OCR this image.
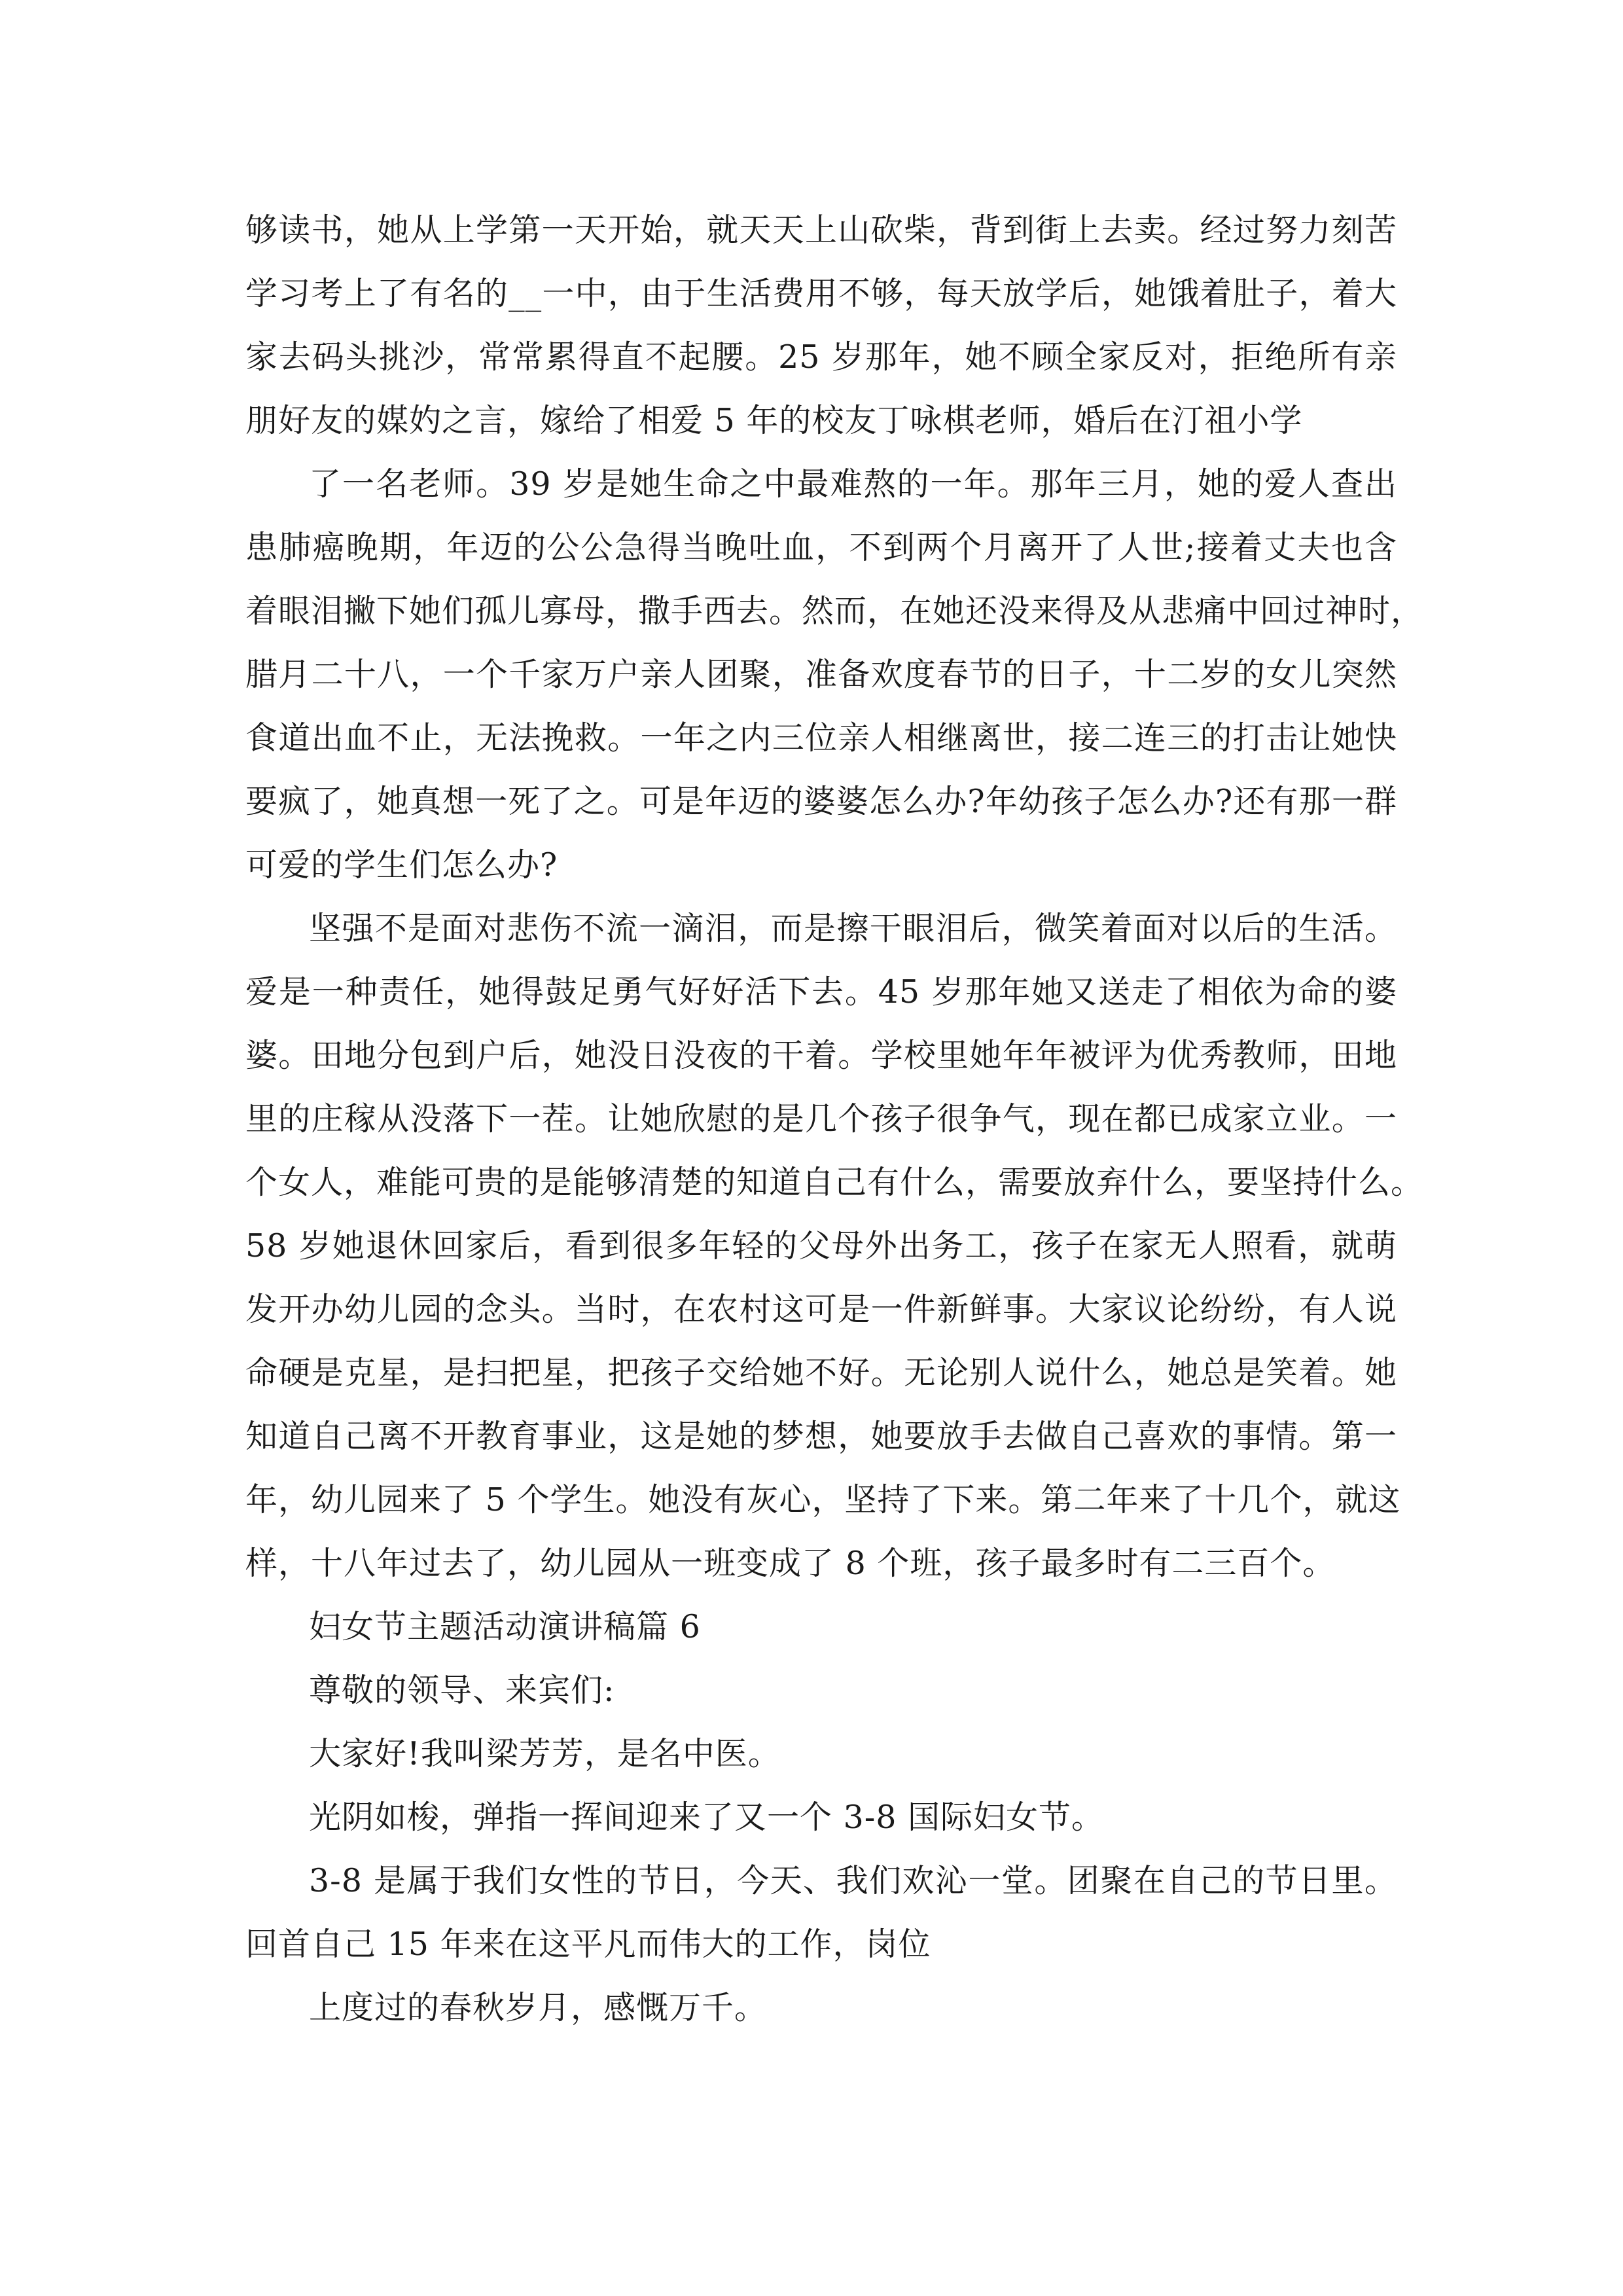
够读书，她从上学第一天开始，就天天上山砍柴，背到街上去卖。经过努力刻苦
学习考上了有名的__一中，由于生活费用不够，每天放学后，她饿着肚子，着大
家去码头挑沙，常常累得直不起腰。25 岁那年，她不顾全家反对，拒绝所有亲
朋好友的媒妁之言，嫁给了相爱 5 年的校友丁咏棋老师，婚后在汀祖小学
了一名老师。39 岁是她生命之中最难熬的一年。那年三月，她的爱人查出
患肺癌晚期，年迈的公公急得当晚吐血，不到两个月离开了人世;接着丈夫也含
着眼泪撇下她们孤儿寡母，撒手西去。然而，在她还没来得及从悲痛中回过神时，
腊月二十八，一个千家万户亲人团聚，准备欢度春节的日子，十二岁的女儿突然
食道出血不止，无法挽救。一年之内三位亲人相继离世，接二连三的打击让她快
要疯了，她真想一死了之。可是年迈的婆婆怎么办?年幼孩子怎么办?还有那一群
可爱的学生们怎么办?
坚强不是面对悲伤不流一滴泪，而是擦干眼泪后，微笑着面对以后的生活。
爱是一种责任，她得鼓足勇气好好活下去。45 岁那年她又送走了相依为命的婆
婆。田地分包到户后，她没日没夜的干着。学校里她年年被评为优秀教师，田地
里的庄稼从没落下一茬。让她欣慰的是几个孩子很争气，现在都已成家立业。一
个女人，难能可贵的是能够清楚的知道自己有什么，需要放弃什么，要坚持什么。
58 岁她退休回家后，看到很多年轻的父母外出务工，孩子在家无人照看，就萌
发开办幼儿园的念头。当时，在农村这可是一件新鲜事。大家议论纷纷，有人说
命硬是克星，是扫把星，把孩子交给她不好。无论别人说什么，她总是笑着。她
知道自己离不开教育事业，这是她的梦想，她要放手去做自己喜欢的事情。第一
年，幼儿园来了 5 个学生。她没有灰心，坚持了下来。第二年来了十几个，就这
样，十八年过去了，幼儿园从一班变成了 8 个班，孩子最多时有二三百个。
妇女节主题活动演讲稿篇 6
尊敬的领导、来宾们:
大家好!我叫梁芳芳，是名中医。
光阴如梭，弹指一挥间迎来了又一个 3-8 国际妇女节。
3-8 是属于我们女性的节日，今天、我们欢沁一堂。团聚在自己的节日里。
回首自己 15 年来在这平凡而伟大的工作，岗位
上度过的春秋岁月，感慨万千。
